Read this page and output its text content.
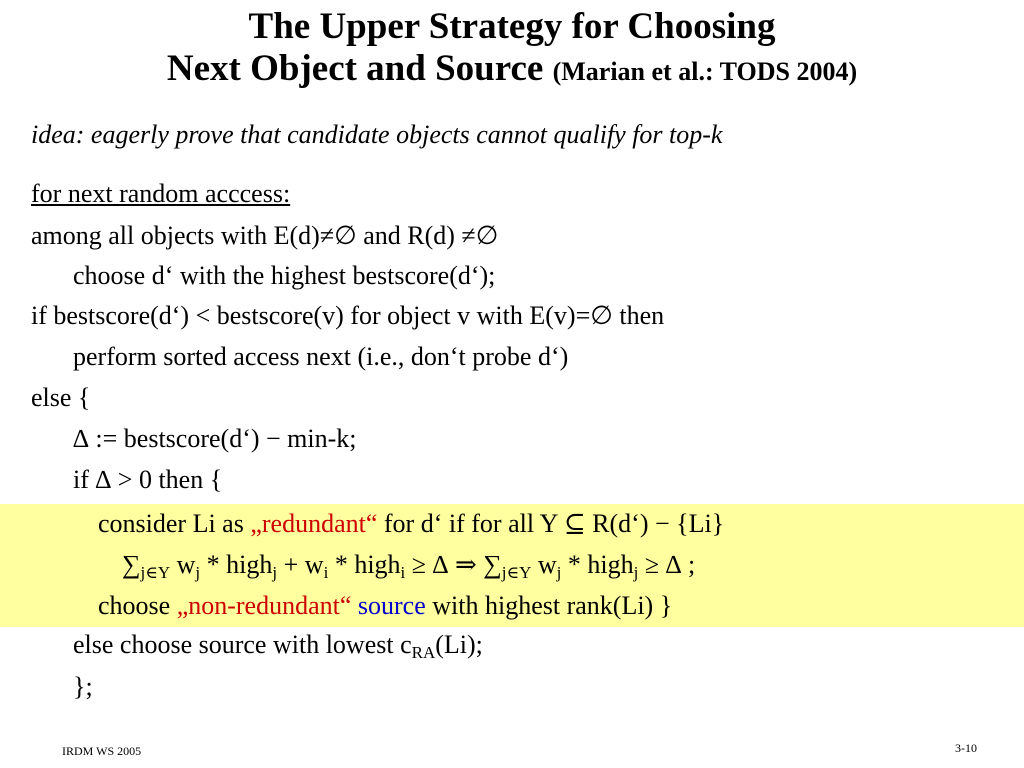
The Upper Strategy for Choosing
Next Object and Source (Marian et al.: TODS 2004)
idea: eagerly prove that candidate objects cannot qualify for top-k
for next random acccess:
among all objects with E(d)≠∅ and R(d) ≠∅
choose d‘ with the highest bestscore(d‘);
if bestscore(d‘) < bestscore(v) for object v with E(v)=∅ then
perform sorted access next (i.e., don‘t probe d‘)
else {
∆ := bestscore(d‘) − min-k;
if ∆ > 0 then {
consider Li as „redundant“ for d‘ if for all Y ⊆ R(d‘) − {Li}
$\sum_{j\in Y}$ $w_j$ * high$_j$ + $w_i$ * high$_i$ ≥ ∆ ⇒ $\sum_{j\in Y}$ $w_j$ * high$_j$ ≥ ∆ ;
choose „non-redundant“ source with highest rank(Li) }
else choose source with lowest $c_{RA}(Li)$;
};
IRDM WS 2005	3-10
